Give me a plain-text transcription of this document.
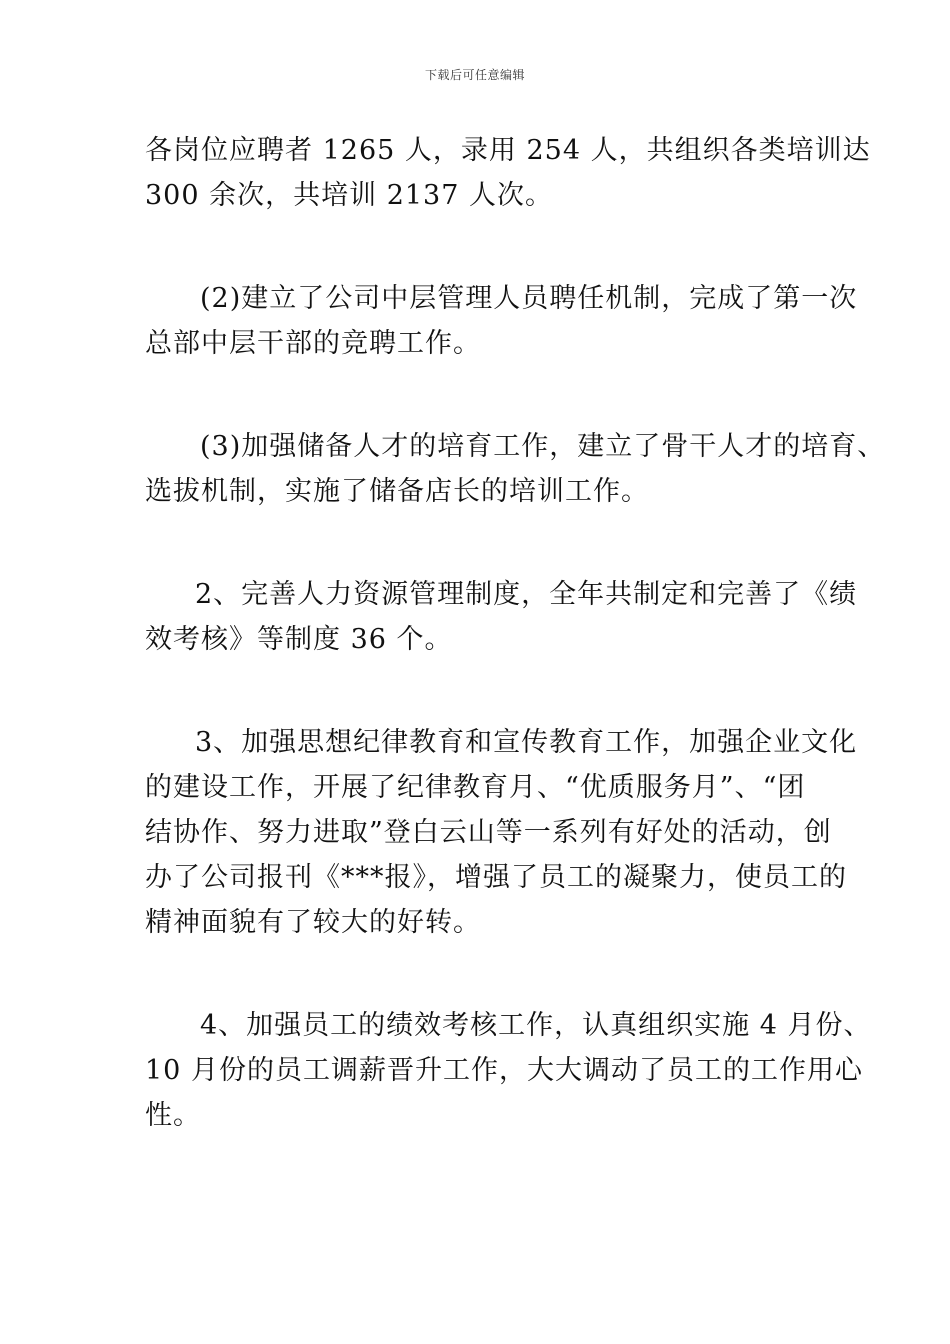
下载后可任意编辑

各岗位应聘者 1265 人，录用 254 人，共组织各类培训达
300 余次，共培训 2137 人次。

(2)建立了公司中层管理人员聘任机制，完成了第一次
总部中层干部的竞聘工作。

(3)加强储备人才的培育工作，建立了骨干人才的培育、
选拔机制，实施了储备店长的培训工作。

2、完善人力资源管理制度，全年共制定和完善了《绩
效考核》等制度 36 个。

3、加强思想纪律教育和宣传教育工作，加强企业文化
的建设工作，开展了纪律教育月、“优质服务月”、“团
结协作、努力进取”登白云山等一系列有好处的活动，创
办了公司报刊《***报》，增强了员工的凝聚力，使员工的
精神面貌有了较大的好转。

4、加强员工的绩效考核工作，认真组织实施 4 月份、
10 月份的员工调薪晋升工作，大大调动了员工的工作用心
性。
